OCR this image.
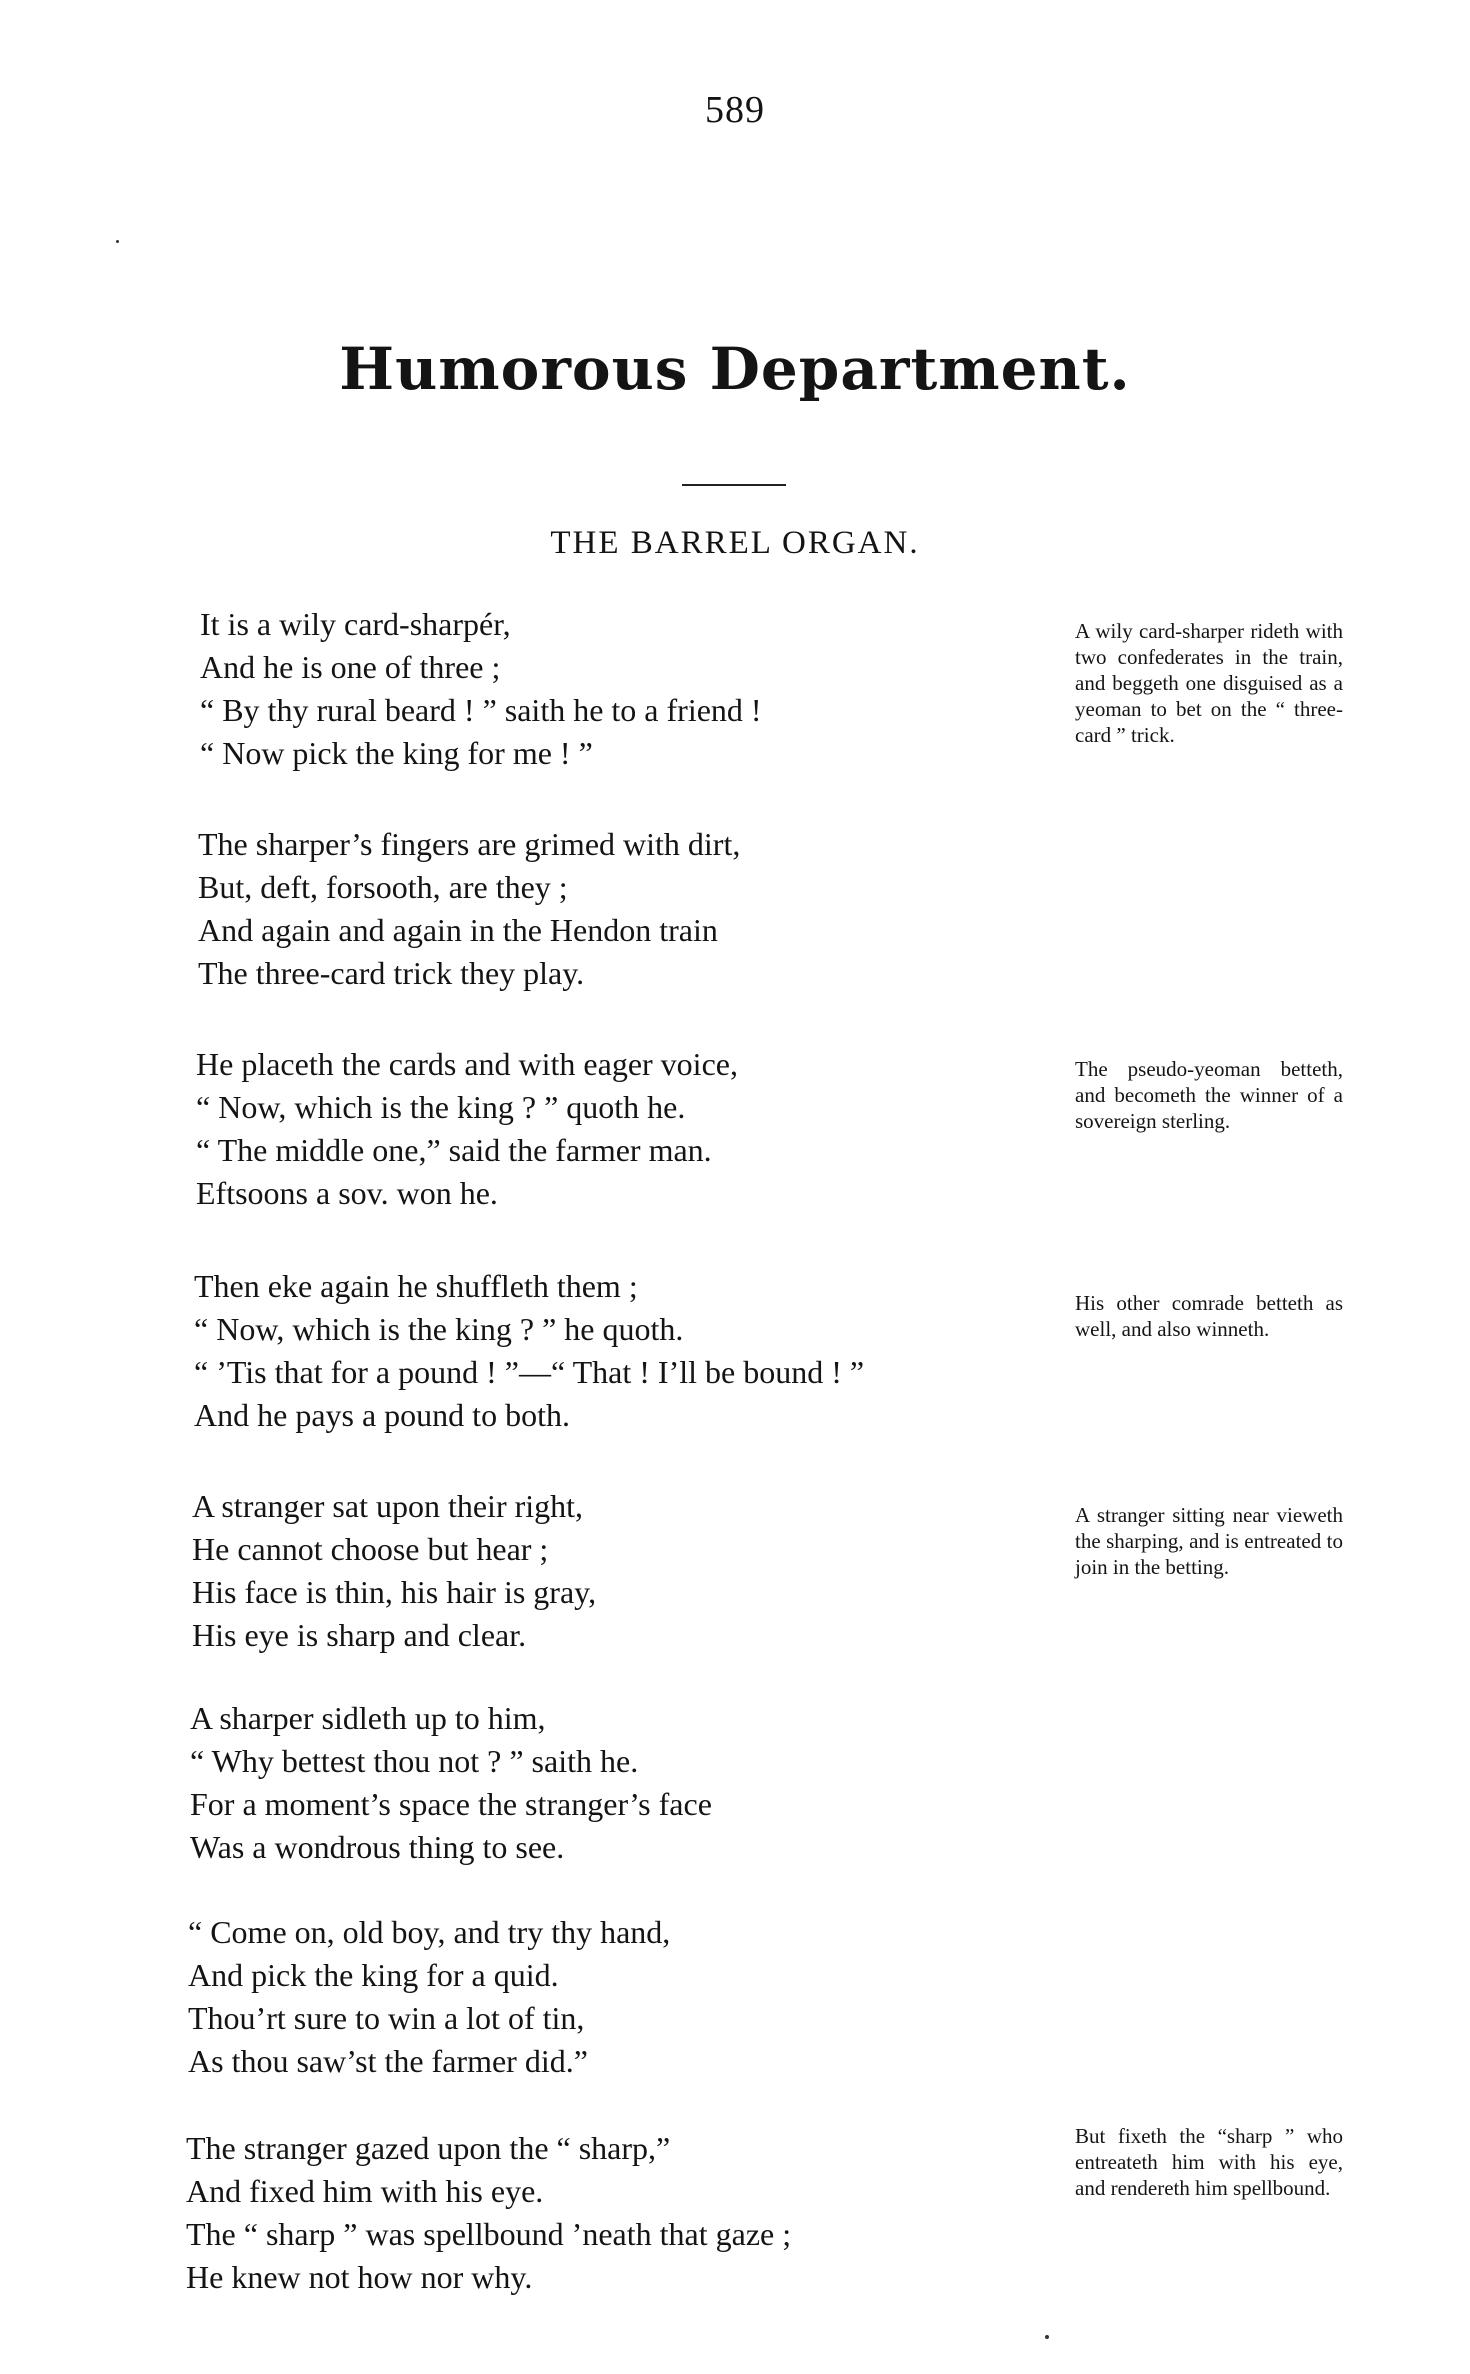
589
Humorous Department.
THE BARREL ORGAN.
It is a wily card-sharpér,
And he is one of three ;
“ By thy rural beard ! ” saith he to a friend !
“ Now pick the king for me ! ”
The sharper’s fingers are grimed with dirt,
But, deft, forsooth, are they ;
And again and again in the Hendon train
The three-card trick they play.
He placeth the cards and with eager voice,
“ Now, which is the king ? ” quoth he.
“ The middle one,” said the farmer man.
Eftsoons a sov. won he.
Then eke again he shuffleth them ;
“ Now, which is the king ? ” he quoth.
“ ’Tis that for a pound ! ”—“ That ! I’ll be bound ! ”
And he pays a pound to both.
A stranger sat upon their right,
He cannot choose but hear ;
His face is thin, his hair is gray,
His eye is sharp and clear.
A sharper sidleth up to him,
“ Why bettest thou not ? ” saith he.
For a moment’s space the stranger’s face
Was a wondrous thing to see.
“ Come on, old boy, and try thy hand,
And pick the king for a quid.
Thou’rt sure to win a lot of tin,
As thou saw’st the farmer did.”
The stranger gazed upon the “ sharp,”
And fixed him with his eye.
The “ sharp ” was spellbound ’neath that gaze ;
He knew not how nor why.
A wily card-sharper rideth with two confederates in the train, and beggeth one disguised as a yeoman to bet on the “ three-card ” trick.
The pseudo-yeoman betteth, and becometh the winner of a sovereign sterling.
His other comrade betteth as well, and also winneth.
A stranger sitting near vieweth the sharping, and is entreated to join in the betting.
But fixeth the “sharp ” who entreateth him with his eye, and rendereth him spellbound.
